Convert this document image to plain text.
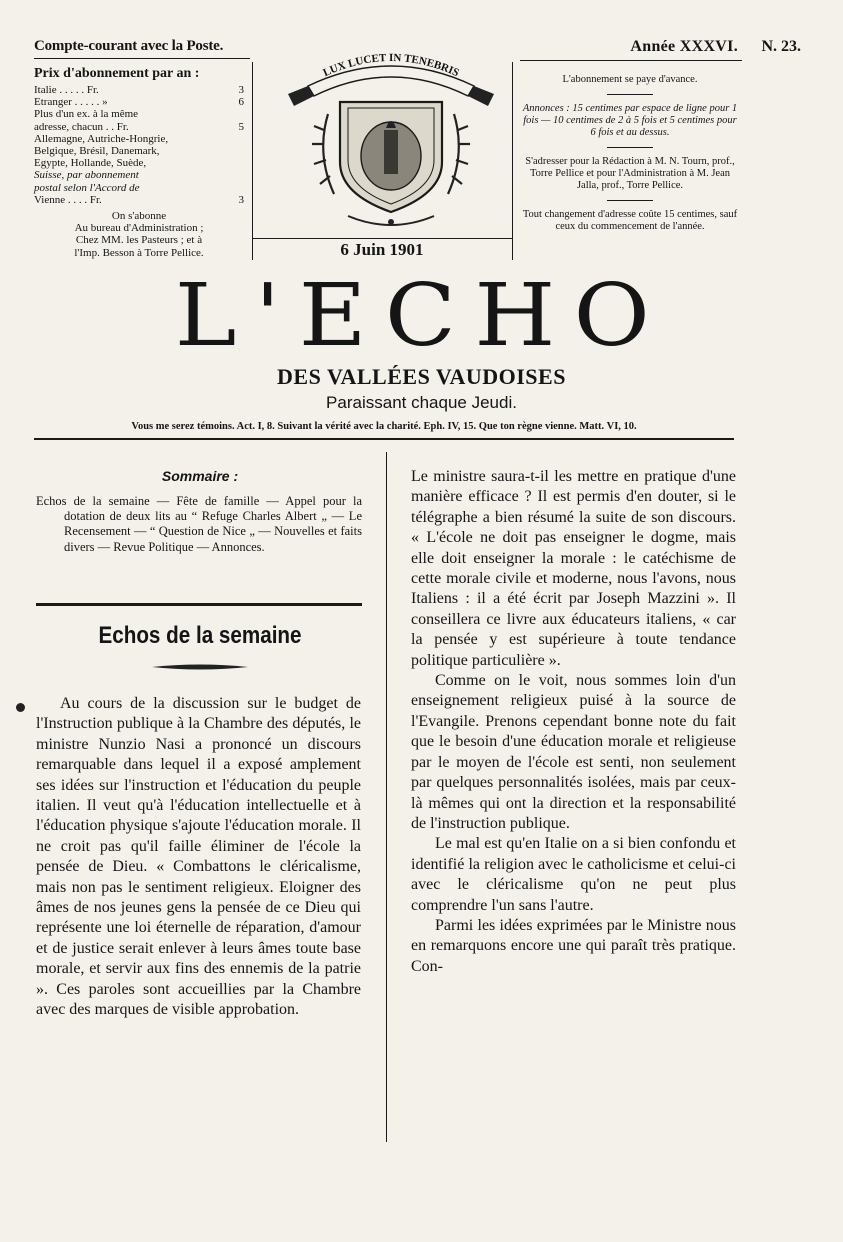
Compte-courant avec la Poste.
Prix d'abonnement par an :
Italie . . . . . Fr.	3
Etranger . . . . . »	6
Plus d'un ex. à la même
adresse, chacun . . Fr.	5
Allemagne, Autriche-Hongrie,
Belgique, Brésil, Danemark,
Egypte, Hollande, Suède,
Suisse, par abonnement
postal selon l'Accord de
Vienne . . . . Fr.	3
On s'abonne
Au bureau d'Administration ;
Chez MM. les Pasteurs ; et à
l'Imp. Besson à Torre Pellice.
LUX LUCET IN TENEBRIS
Année XXXVI. N. 23.

L'abonnement se paye d'avance.

Annonces : 15 centimes par espace de ligne pour 1 fois — 10 centimes de 2 à 5 fois et 5 centimes pour 6 fois et au dessus.

S'adresser pour la Rédaction à M. N. Tourn, prof., Torre Pellice et pour l'Administration à M. Jean Jalla, prof., Torre Pellice.

Tout changement d'adresse coûte 15 centimes, sauf ceux du commencement de l'année.

6 Juin 1901
L'ECHO
DES VALLÉES VAUDOISES
Paraissant chaque Jeudi.
Vous me serez témoins. Act. I, 8. Suivant la vérité avec la charité. Eph. IV, 15. Que ton règne vienne. Matt. VI, 10.
Sommaire :
Echos de la semaine — Fête de famille — Appel pour la dotation de deux lits au “ Refuge Charles Albert „ — Le Recensement — “ Question de Nice „ — Nouvelles et faits divers — Revue Politique — Annonces.
Echos de la semaine

Au cours de la discussion sur le budget de l'Instruction publique à la Chambre des députés, le ministre Nunzio Nasi a prononcé un discours remarquable dans lequel il a exposé amplement ses idées sur l'instruction et l'éducation du peuple italien. Il veut qu'à l'éducation intellectuelle et à l'éducation physique s'ajoute l'éducation morale. Il ne croit pas qu'il faille éliminer de l'école la pensée de Dieu. « Combattons le cléricalisme, mais non pas le sentiment religieux. Eloigner des âmes de nos jeunes gens la pensée de ce Dieu qui représente une loi éternelle de réparation, d'amour et de justice serait enlever à leurs âmes toute base morale, et servir aux fins des ennemis de la patrie ». Ces paroles sont accueillies par la Chambre avec des marques de visible approbation.

Le ministre saura-t-il les mettre en pratique d'une manière efficace ? Il est permis d'en douter, si le télégraphe a bien résumé la suite de son discours. « L'école ne doit pas enseigner le dogme, mais elle doit enseigner la morale : le catéchisme de cette morale civile et moderne, nous l'avons, nous Italiens : il a été écrit par Joseph Mazzini ». Il conseillera ce livre aux éducateurs italiens, « car la pensée y est supérieure à toute tendance politique particulière ».

Comme on le voit, nous sommes loin d'un enseignement religieux puisé à la source de l'Evangile. Prenons cependant bonne note du fait que le besoin d'une éducation morale et religieuse par le moyen de l'école est senti, non seulement par quelques personnalités isolées, mais par ceux-là mêmes qui ont la direction et la responsabilité de l'instruction publique.

Le mal est qu'en Italie on a si bien confondu et identifié la religion avec le catholicisme et celui-ci avec le cléricalisme qu'on ne peut plus comprendre l'un sans l'autre.

Parmi les idées exprimées par le Ministre nous en remarquons encore une qui paraît très pratique. Con-
